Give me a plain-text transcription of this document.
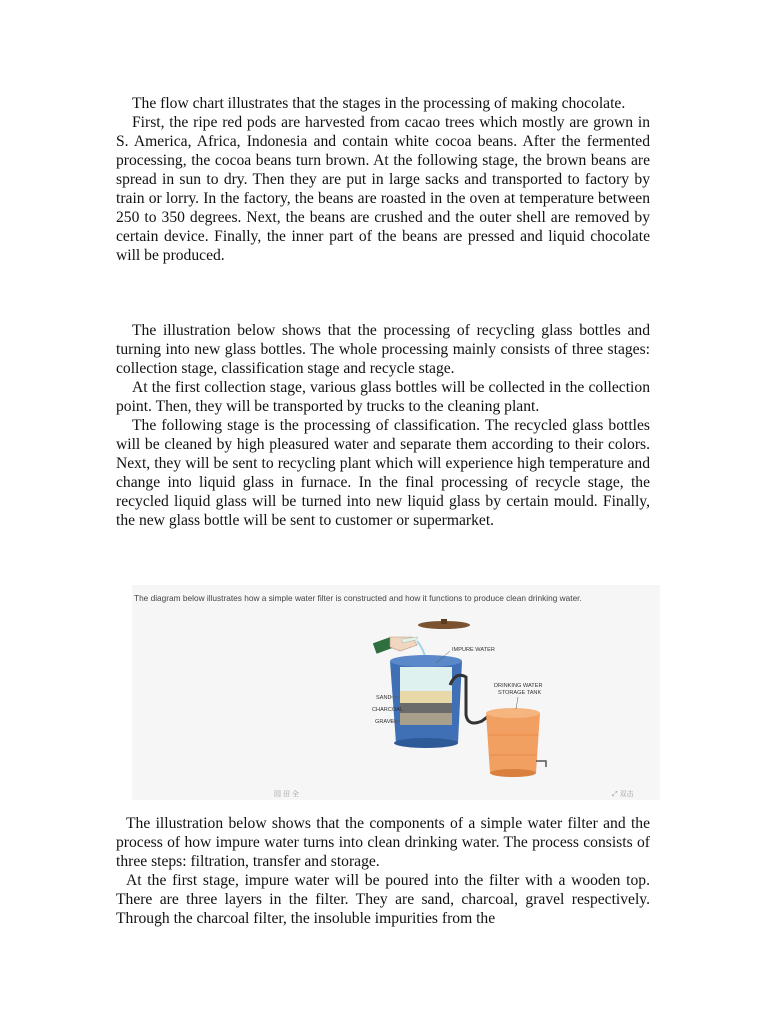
The flow chart illustrates that the stages in the processing of making chocolate.

First, the ripe red pods are harvested from cacao trees which mostly are grown in S. America, Africa, Indonesia and contain white cocoa beans. After the fermented processing, the cocoa beans turn brown. At the following stage, the brown beans are spread in sun to dry. Then they are put in large sacks and transported to factory by train or lorry. In the factory, the beans are roasted in the oven at temperature between 250 to 350 degrees. Next, the beans are crushed and the outer shell are removed by certain device. Finally, the inner part of the beans are pressed and liquid chocolate will be produced.

The illustration below shows that the processing of recycling glass bottles and turning into new glass bottles. The whole processing mainly consists of three stages: collection stage, classification stage and recycle stage.

At the first collection stage, various glass bottles will be collected in the collection point. Then, they will be transported by trucks to the cleaning plant.

The following stage is the processing of classification. The recycled glass bottles will be cleaned by high pleasured water and separate them according to their colors. Next, they will be sent to recycling plant which will experience high temperature and change into liquid glass in furnace. In the final processing of recycle stage, the recycled liquid glass will be turned into new liquid glass by certain mould. Finally, the new glass bottle will be sent to customer or supermarket.

The diagram below illustrates how a simple water filter is constructed and how it functions to produce clean drinking water.
IMPURE WATER
DRINKING WATER
STORAGE TANK
SAND
CHARCOAL
GRAVEL
园 田 全	⤢ 双击

The illustration below shows that the components of a simple water filter and the process of how impure water turns into clean drinking water. The process consists of three steps: filtration, transfer and storage.

At the first stage, impure water will be poured into the filter with a wooden top. There are three layers in the filter. They are sand, charcoal, gravel respectively. Through the charcoal filter, the insoluble impurities from the
